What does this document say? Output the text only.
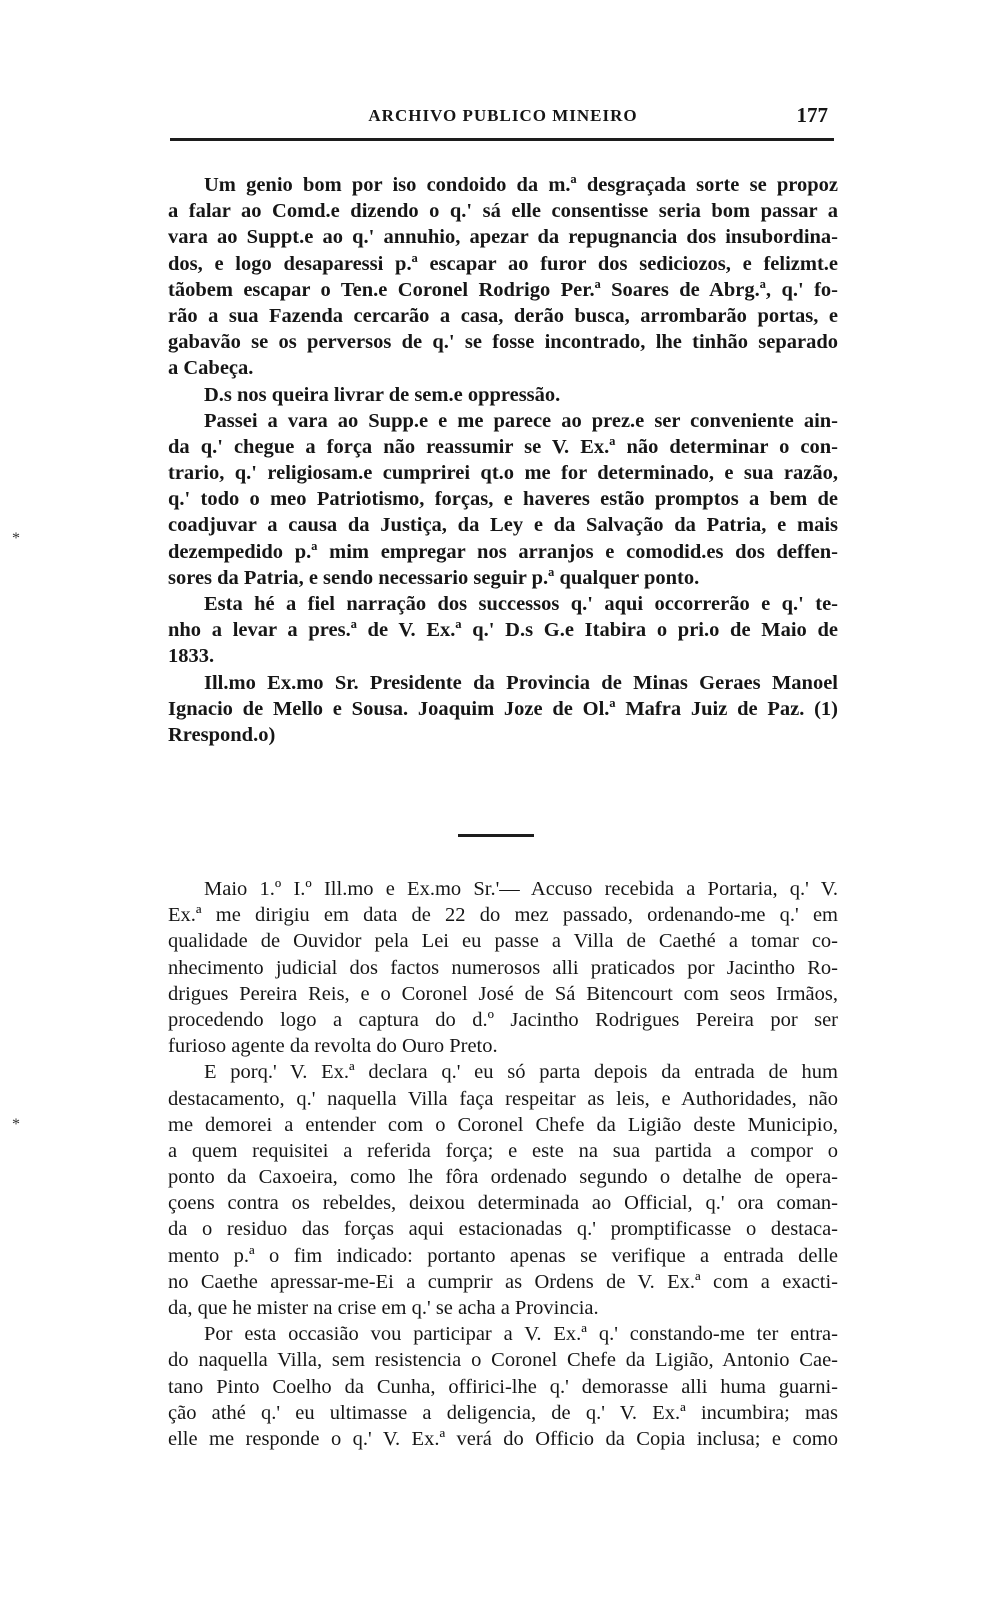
ARCHIVO PUBLICO MINEIRO	177
*
*
Um genio bom por iso condoido da m.ª desgraçada sorte se propoz
a falar ao Comd.e dizendo o q.' sá elle consentisse seria bom passar a
vara ao Suppt.e ao q.' annuhio, apezar da repugnancia dos insubordina-
dos, e logo desaparessi p.ª escapar ao furor dos sediciozos, e felizmt.e
tãobem escapar o Ten.e Coronel Rodrigo Per.ª Soares de Abrg.ª, q.' fo-
rão a sua Fazenda cercarão a casa, derão busca, arrombarão portas, e
gabavão se os perversos de q.' se fosse incontrado, lhe tinhão separado
a Cabeça.
D.s nos queira livrar de sem.e oppressão.
Passei a vara ao Supp.e e me parece ao prez.e ser conveniente ain-
da q.' chegue a força não reassumir se V. Ex.ª não determinar o con-
trario, q.' religiosam.e cumprirei qt.o me for determinado, e sua razão,
q.' todo o meo Patriotismo, forças, e haveres estão promptos a bem de
coadjuvar a causa da Justiça, da Ley e da Salvação da Patria, e mais
dezempedido p.ª mim empregar nos arranjos e comodid.es dos deffen-
sores da Patria, e sendo necessario seguir p.ª qualquer ponto.
Esta hé a fiel narração dos successos q.' aqui occorrerão e q.' te-
nho a levar a pres.ª de V. Ex.ª q.' D.s G.e Itabira o pri.o de Maio de
1833.
Ill.mo Ex.mo Sr. Presidente da Provincia de Minas Geraes Manoel
Ignacio de Mello e Sousa. Joaquim Joze de Ol.ª Mafra Juiz de Paz. (1)
Rrespond.o)
Maio 1.º I.º Ill.mo e Ex.mo Sr.'— Accuso recebida a Portaria, q.' V.
Ex.ª me dirigiu em data de 22 do mez passado, ordenando-me q.' em
qualidade de Ouvidor pela Lei eu passe a Villa de Caethé a tomar co-
nhecimento judicial dos factos numerosos alli praticados por Jacintho Ro-
drigues Pereira Reis, e o Coronel José de Sá Bitencourt com seos Irmãos,
procedendo logo a captura do d.º Jacintho Rodrigues Pereira por ser
furioso agente da revolta do Ouro Preto.
E porq.' V. Ex.ª declara q.' eu só parta depois da entrada de hum
destacamento, q.' naquella Villa faça respeitar as leis, e Authoridades, não
me demorei a entender com o Coronel Chefe da Ligião deste Municipio,
a quem requisitei a referida força; e este na sua partida a compor o
ponto da Caxoeira, como lhe fôra ordenado segundo o detalhe de opera-
çoens contra os rebeldes, deixou determinada ao Official, q.' ora coman-
da o residuo das forças aqui estacionadas q.' promptificasse o destaca-
mento p.ª o fim indicado: portanto apenas se verifique a entrada delle
no Caethe apressar-me-Ei a cumprir as Ordens de V. Ex.ª com a exacti-
da, que he mister na crise em q.' se acha a Provincia.
Por esta occasião vou participar a V. Ex.ª q.' constando-me ter entra-
do naquella Villa, sem resistencia o Coronel Chefe da Ligião, Antonio Cae-
tano Pinto Coelho da Cunha, offirici-lhe q.' demorasse alli huma guarni-
ção athé q.' eu ultimasse a deligencia, de q.' V. Ex.ª incumbira; mas
elle me responde o q.' V. Ex.ª verá do Officio da Copia inclusa; e como
